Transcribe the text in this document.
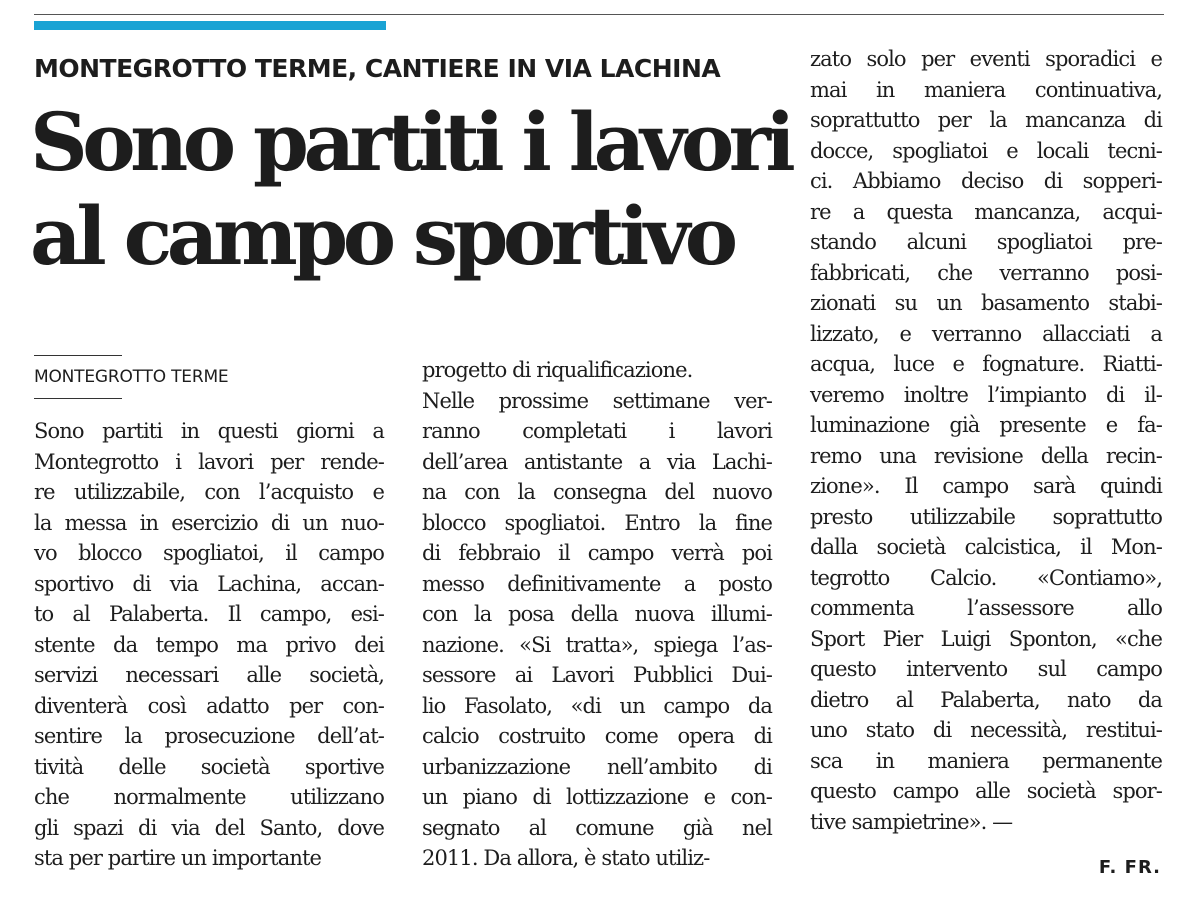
MONTEGROTTO TERME, CANTIERE IN VIA LACHINA
Sono partiti i lavori
al campo sportivo
MONTEGROTTO TERME
Sono partiti in questi giorni a
Montegrotto i lavori per rende-
re utilizzabile, con l’acquisto e
la messa in esercizio di un nuo-
vo blocco spogliatoi, il campo
sportivo di via Lachina, accan-
to al Palaberta. Il campo, esi-
stente da tempo ma privo dei
servizi necessari alle società,
diventerà così adatto per con-
sentire la prosecuzione dell’at-
tività delle società sportive
che normalmente utilizzano
gli spazi di via del Santo, dove
sta per partire un importante
progetto di riqualificazione.
Nelle prossime settimane ver-
ranno completati i lavori
dell’area antistante a via Lachi-
na con la consegna del nuovo
blocco spogliatoi. Entro la fine
di febbraio il campo verrà poi
messo definitivamente a posto
con la posa della nuova illumi-
nazione. «Si tratta», spiega l’as-
sessore ai Lavori Pubblici Dui-
lio Fasolato, «di un campo da
calcio costruito come opera di
urbanizzazione nell’ambito di
un piano di lottizzazione e con-
segnato al comune già nel
2011. Da allora, è stato utiliz-
zato solo per eventi sporadici e
mai in maniera continuativa,
soprattutto per la mancanza di
docce, spogliatoi e locali tecni-
ci. Abbiamo deciso di sopperi-
re a questa mancanza, acqui-
stando alcuni spogliatoi pre-
fabbricati, che verranno posi-
zionati su un basamento stabi-
lizzato, e verranno allacciati a
acqua, luce e fognature. Riatti-
veremo inoltre l’impianto di il-
luminazione già presente e fa-
remo una revisione della recin-
zione». Il campo sarà quindi
presto utilizzabile soprattutto
dalla società calcistica, il Mon-
tegrotto Calcio. «Contiamo»,
commenta l’assessore allo
Sport Pier Luigi Sponton, «che
questo intervento sul campo
dietro al Palaberta, nato da
uno stato di necessità, restitui-
sca in maniera permanente
questo campo alle società spor-
tive sampietrine». —
F. FR.
